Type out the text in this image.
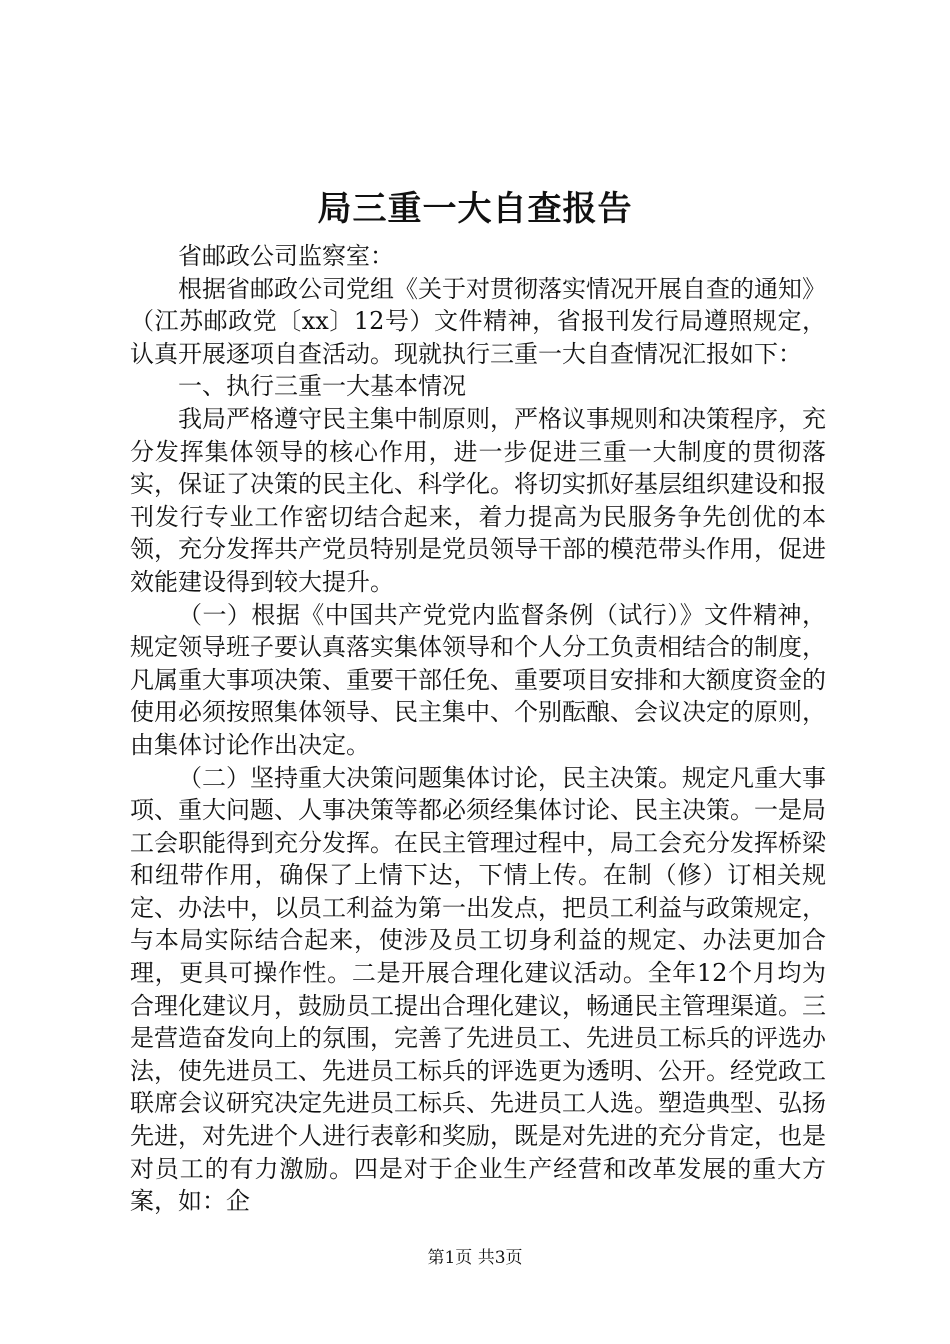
局三重一大自查报告

省邮政公司监察室：

根据省邮政公司党组《关于对贯彻落实情况开展自查的通知》（江苏邮政党〔xx〕12号）文件精神，省报刊发行局遵照规定，认真开展逐项自查活动。现就执行三重一大自查情况汇报如下：

一、执行三重一大基本情况

我局严格遵守民主集中制原则，严格议事规则和决策程序，充分发挥集体领导的核心作用，进一步促进三重一大制度的贯彻落实，保证了决策的民主化、科学化。将切实抓好基层组织建设和报刊发行专业工作密切结合起来，着力提高为民服务争先创优的本领，充分发挥共产党员特别是党员领导干部的模范带头作用，促进效能建设得到较大提升。

（一）根据《中国共产党党内监督条例（试行）》文件精神，规定领导班子要认真落实集体领导和个人分工负责相结合的制度，凡属重大事项决策、重要干部任免、重要项目安排和大额度资金的使用必须按照集体领导、民主集中、个别酝酿、会议决定的原则，由集体讨论作出决定。

（二）坚持重大决策问题集体讨论，民主决策。规定凡重大事项、重大问题、人事决策等都必须经集体讨论、民主决策。一是局工会职能得到充分发挥。在民主管理过程中，局工会充分发挥桥梁和纽带作用，确保了上情下达，下情上传。在制（修）订相关规定、办法中，以员工利益为第一出发点，把员工利益与政策规定，与本局实际结合起来，使涉及员工切身利益的规定、办法更加合理，更具可操作性。二是开展合理化建议活动。全年12个月均为合理化建议月，鼓励员工提出合理化建议，畅通民主管理渠道。三是营造奋发向上的氛围，完善了先进员工、先进员工标兵的评选办法，使先进员工、先进员工标兵的评选更为透明、公开。经党政工联席会议研究决定先进员工标兵、先进员工人选。塑造典型、弘扬先进，对先进个人进行表彰和奖励，既是对先进的充分肯定，也是对员工的有力激励。四是对于企业生产经营和改革发展的重大方案，如：企

第1页 共3页
